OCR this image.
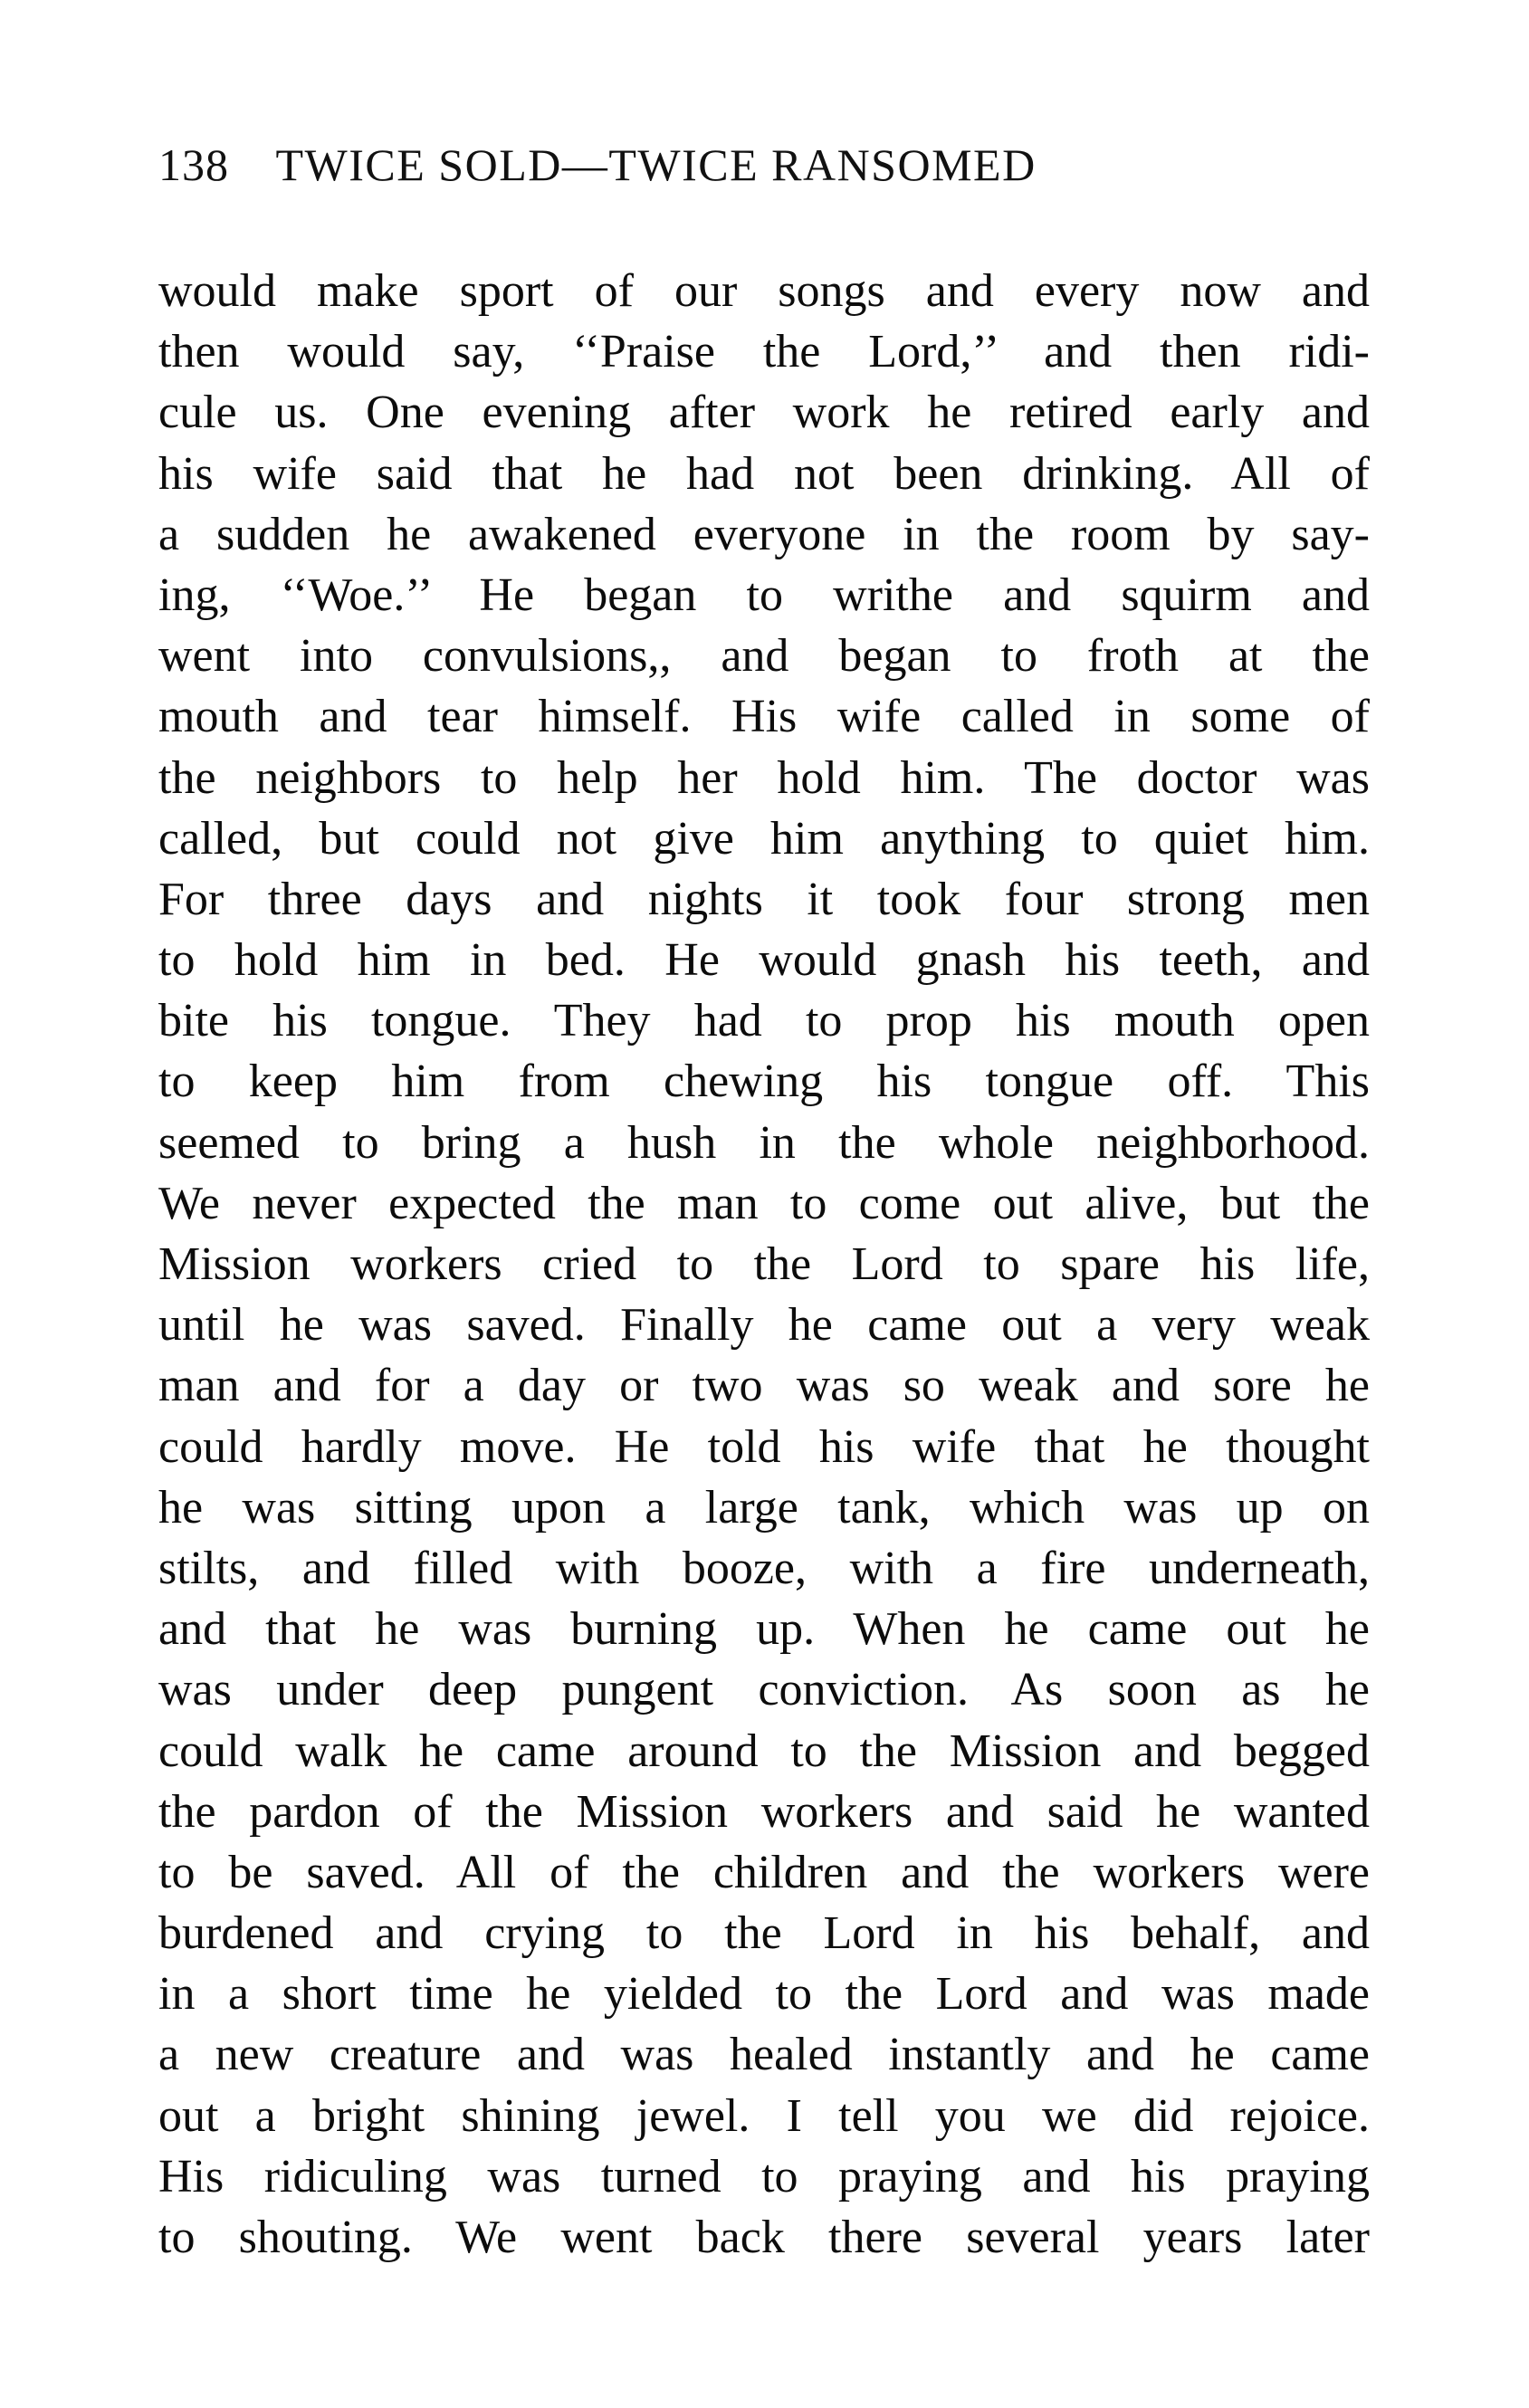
138 TWICE SOLD—TWICE RANSOMED
would make sport of our songs and every now and
then would say, ‘‘Praise the Lord,’’ and then ridi-
cule us. One evening after work he retired early and
his wife said that he had not been drinking. All of
a sudden he awakened everyone in the room by say-
ing, ‘‘Woe.’’ He began to writhe and squirm and
went into convulsions,, and began to froth at the
mouth and tear himself. His wife called in some of
the neighbors to help her hold him. The doctor was
called, but could not give him anything to quiet him.
For three days and nights it took four strong men
to hold him in bed. He would gnash his teeth, and
bite his tongue. They had to prop his mouth open
to keep him from chewing his tongue off. This
seemed to bring a hush in the whole neighborhood.
We never expected the man to come out alive, but the
Mission workers cried to the Lord to spare his life,
until he was saved. Finally he came out a very weak
man and for a day or two was so weak and sore he
could hardly move. He told his wife that he thought
he was sitting upon a large tank, which was up on
stilts, and filled with booze, with a fire underneath,
and that he was burning up. When he came out he
was under deep pungent conviction. As soon as he
could walk he came around to the Mission and begged
the pardon of the Mission workers and said he wanted
to be saved. All of the children and the workers were
burdened and crying to the Lord in his behalf, and
in a short time he yielded to the Lord and was made
a new creature and was healed instantly and he came
out a bright shining jewel. I tell you we did rejoice.
His ridiculing was turned to praying and his praying
to shouting. We went back there several years later
